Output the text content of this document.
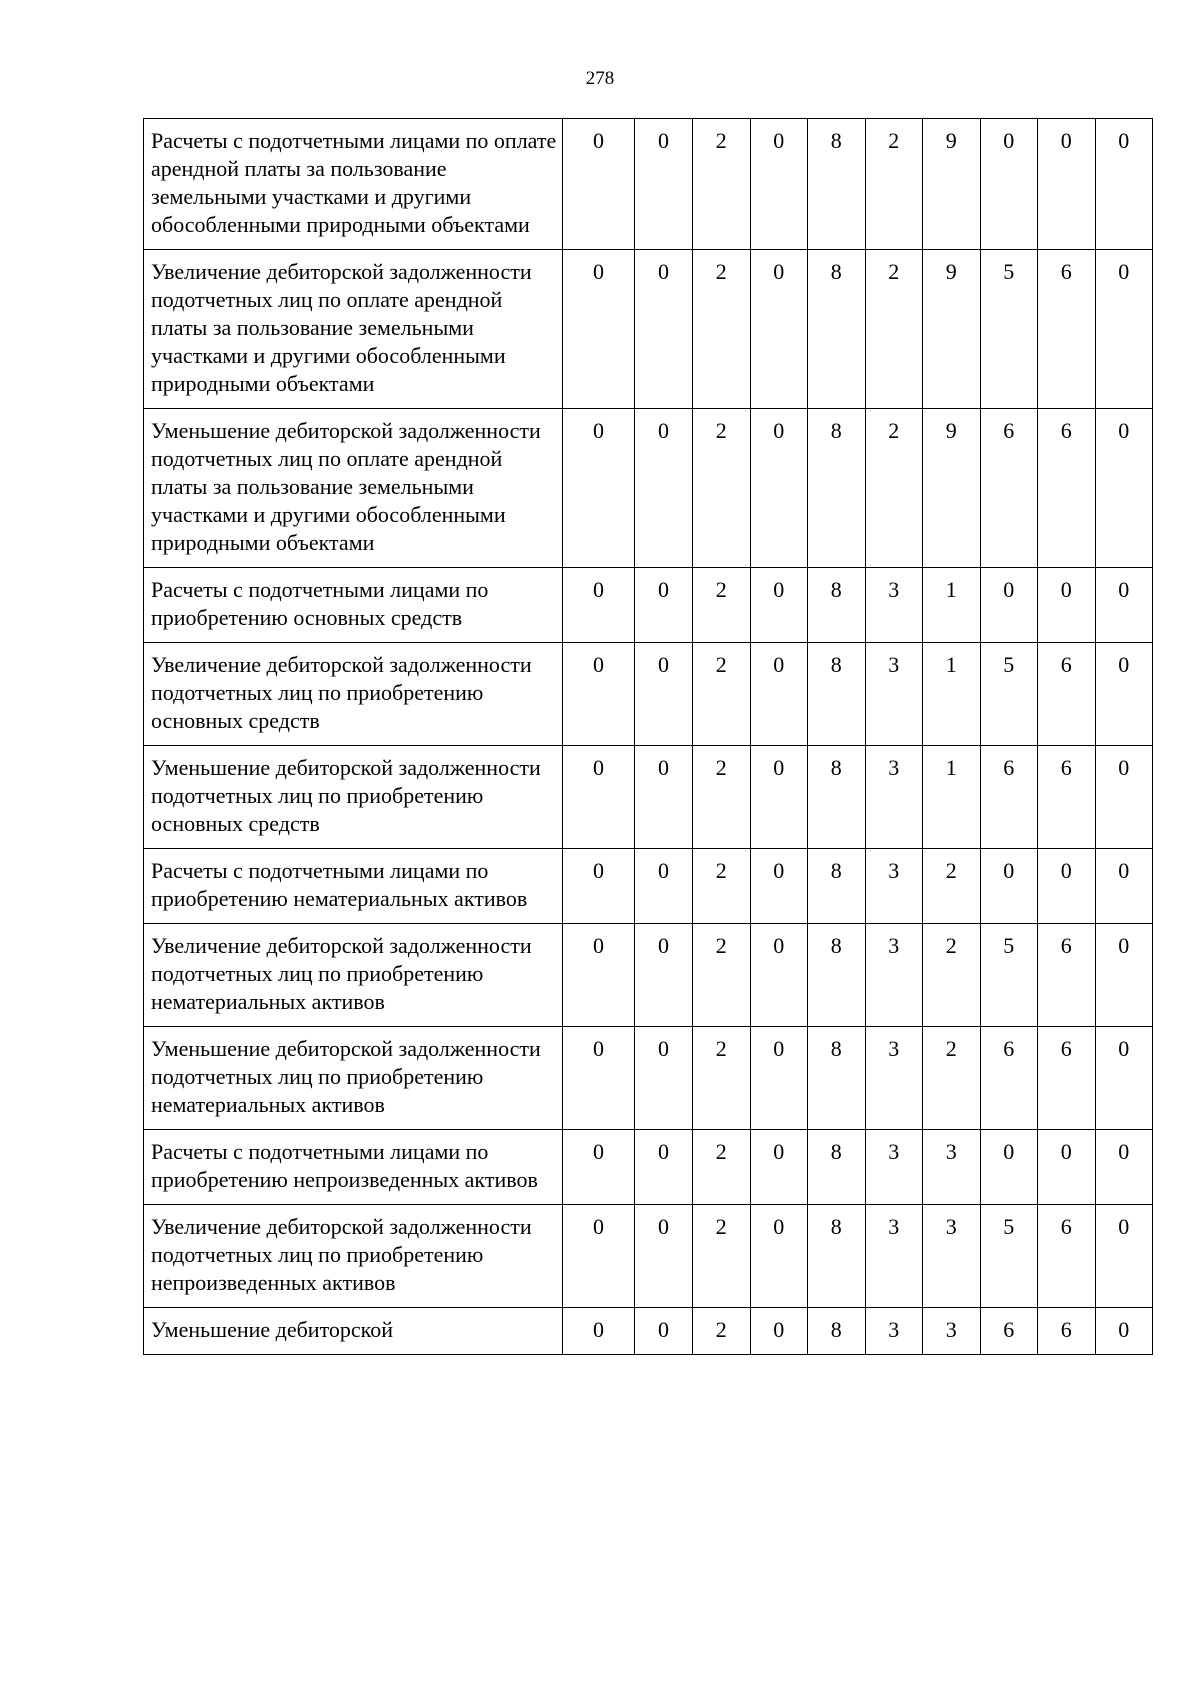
278
Расчеты с подотчетными лицами по оплате арендной платы за пользование земельными участками и другими обособленными природными объектами	0	0	2	0	8	2	9	0	0	0
Увеличение дебиторской задолженности подотчетных лиц по оплате арендной платы за пользование земельными участками и другими обособленными природными объектами	0	0	2	0	8	2	9	5	6	0
Уменьшение дебиторской задолженности подотчетных лиц по оплате арендной платы за пользование земельными участками и другими обособленными природными объектами	0	0	2	0	8	2	9	6	6	0
Расчеты с подотчетными лицами по приобретению основных средств	0	0	2	0	8	3	1	0	0	0
Увеличение дебиторской задолженности подотчетных лиц по приобретению основных средств	0	0	2	0	8	3	1	5	6	0
Уменьшение дебиторской задолженности подотчетных лиц по приобретению основных средств	0	0	2	0	8	3	1	6	6	0
Расчеты с подотчетными лицами по приобретению нематериальных активов	0	0	2	0	8	3	2	0	0	0
Увеличение дебиторской задолженности подотчетных лиц по приобретению нематериальных активов	0	0	2	0	8	3	2	5	6	0
Уменьшение дебиторской задолженности подотчетных лиц по приобретению нематериальных активов	0	0	2	0	8	3	2	6	6	0
Расчеты с подотчетными лицами по приобретению непроизведенных активов	0	0	2	0	8	3	3	0	0	0
Увеличение дебиторской задолженности подотчетных лиц по приобретению непроизведенных активов	0	0	2	0	8	3	3	5	6	0
Уменьшение дебиторской	0	0	2	0	8	3	3	6	6	0
